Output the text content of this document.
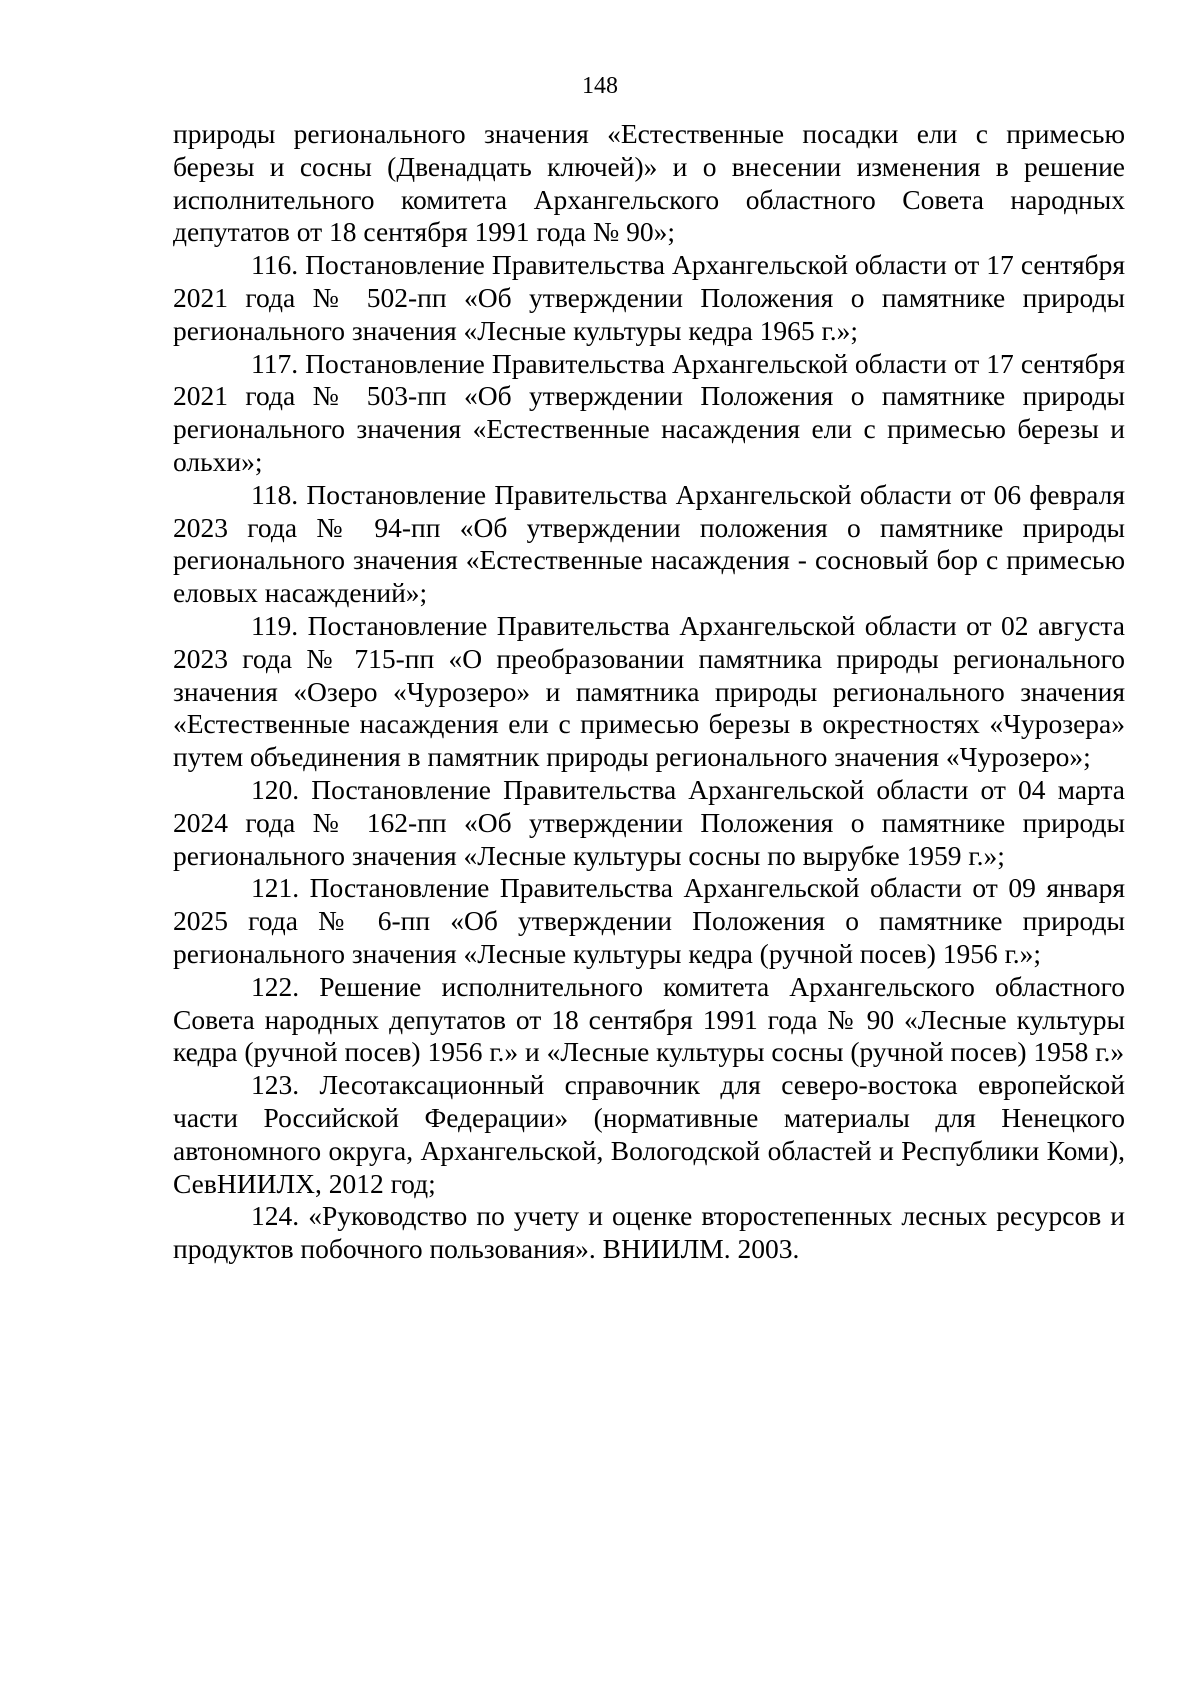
148

природы регионального значения «Естественные посадки ели с примесью березы и сосны (Двенадцать ключей)» и о внесении изменения в решение исполнительного комитета Архангельского областного Совета народных депутатов от 18 сентября 1991 года № 90»;

116. Постановление Правительства Архангельской области от 17 сентября 2021 года № 502-пп «Об утверждении Положения о памятнике природы регионального значения «Лесные культуры кедра 1965 г.»;

117. Постановление Правительства Архангельской области от 17 сентября 2021 года № 503-пп «Об утверждении Положения о памятнике природы регионального значения «Естественные насаждения ели с примесью березы и ольхи»;

118. Постановление Правительства Архангельской области от 06 февраля 2023 года № 94-пп «Об утверждении положения о памятнике природы регионального значения «Естественные насаждения - сосновый бор с примесью еловых насаждений»;

119. Постановление Правительства Архангельской области от 02 августа 2023 года № 715-пп «О преобразовании памятника природы регионального значения «Озеро «Чурозеро» и памятника природы регионального значения «Естественные насаждения ели с примесью березы в окрестностях «Чурозера» путем объединения в памятник природы регионального значения «Чурозеро»;

120. Постановление Правительства Архангельской области от 04 марта 2024 года № 162-пп «Об утверждении Положения о памятнике природы регионального значения «Лесные культуры сосны по вырубке 1959 г.»;

121. Постановление Правительства Архангельской области от 09 января 2025 года № 6-пп «Об утверждении Положения о памятнике природы регионального значения «Лесные культуры кедра (ручной посев) 1956 г.»;

122. Решение исполнительного комитета Архангельского областного Совета народных депутатов от 18 сентября 1991 года № 90 «Лесные культуры кедра (ручной посев) 1956 г.» и «Лесные культуры сосны (ручной посев) 1958 г.»

123. Лесотаксационный справочник для северо-востока европейской части Российской Федерации» (нормативные материалы для Ненецкого автономного округа, Архангельской, Вологодской областей и Республики Коми), СевНИИЛХ, 2012 год;

124. «Руководство по учету и оценке второстепенных лесных ресурсов и продуктов побочного пользования». ВНИИЛМ. 2003.
